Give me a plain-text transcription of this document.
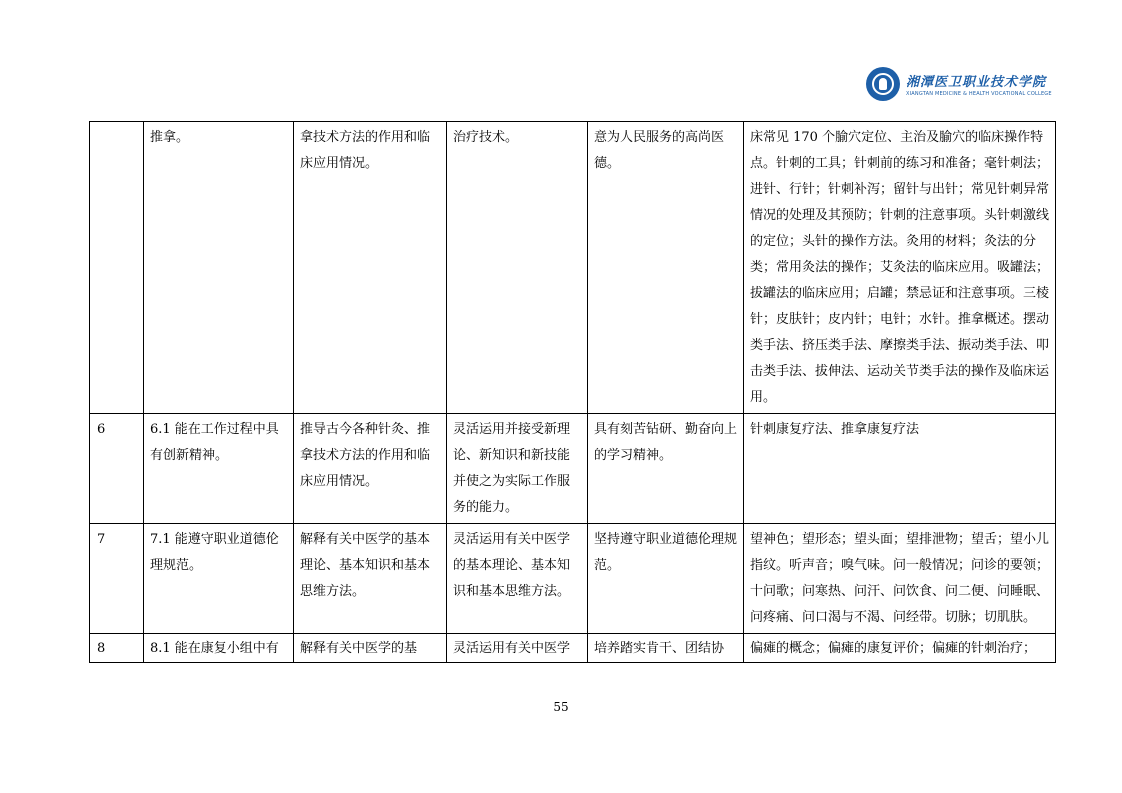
湘潭医卫职业技术学院
XIANGTAN MEDICINE & HEALTH VOCATIONAL COLLEGE
	推拿。	拿技术方法的作用和临床应用情况。	治疗技术。	意为人民服务的高尚医德。	床常见 170 个腧穴定位、主治及腧穴的临床操作特点。针刺的工具；针刺前的练习和准备；毫针刺法；进针、行针；针刺补泻；留针与出针；常见针刺异常情况的处理及其预防；针刺的注意事项。头针刺激线的定位；头针的操作方法。灸用的材料；灸法的分类；常用灸法的操作；艾灸法的临床应用。吸罐法；拔罐法的临床应用；启罐；禁忌证和注意事项。三棱针；皮肤针；皮内针；电针；水针。推拿概述。摆动类手法、挤压类手法、摩擦类手法、振动类手法、叩击类手法、拔伸法、运动关节类手法的操作及临床运用。
6	6.1 能在工作过程中具有创新精神。	推导古今各种针灸、推拿技术方法的作用和临床应用情况。	灵活运用并接受新理论、新知识和新技能并使之为实际工作服务的能力。	具有刻苦钻研、勤奋向上的学习精神。	针刺康复疗法、推拿康复疗法
7	7.1 能遵守职业道德伦理规范。	解释有关中医学的基本理论、基本知识和基本思维方法。	灵活运用有关中医学的基本理论、基本知识和基本思维方法。	坚持遵守职业道德伦理规范。	望神色；望形态；望头面；望排泄物；望舌；望小儿指纹。听声音；嗅气味。问一般情况；问诊的要领；十问歌；问寒热、问汗、问饮食、问二便、问睡眠、问疼痛、问口渴与不渴、问经带。切脉；切肌肤。
8	8.1 能在康复小组中有	解释有关中医学的基	灵活运用有关中医学	培养踏实肯干、团结协	偏瘫的概念；偏瘫的康复评价；偏瘫的针刺治疗；
55
